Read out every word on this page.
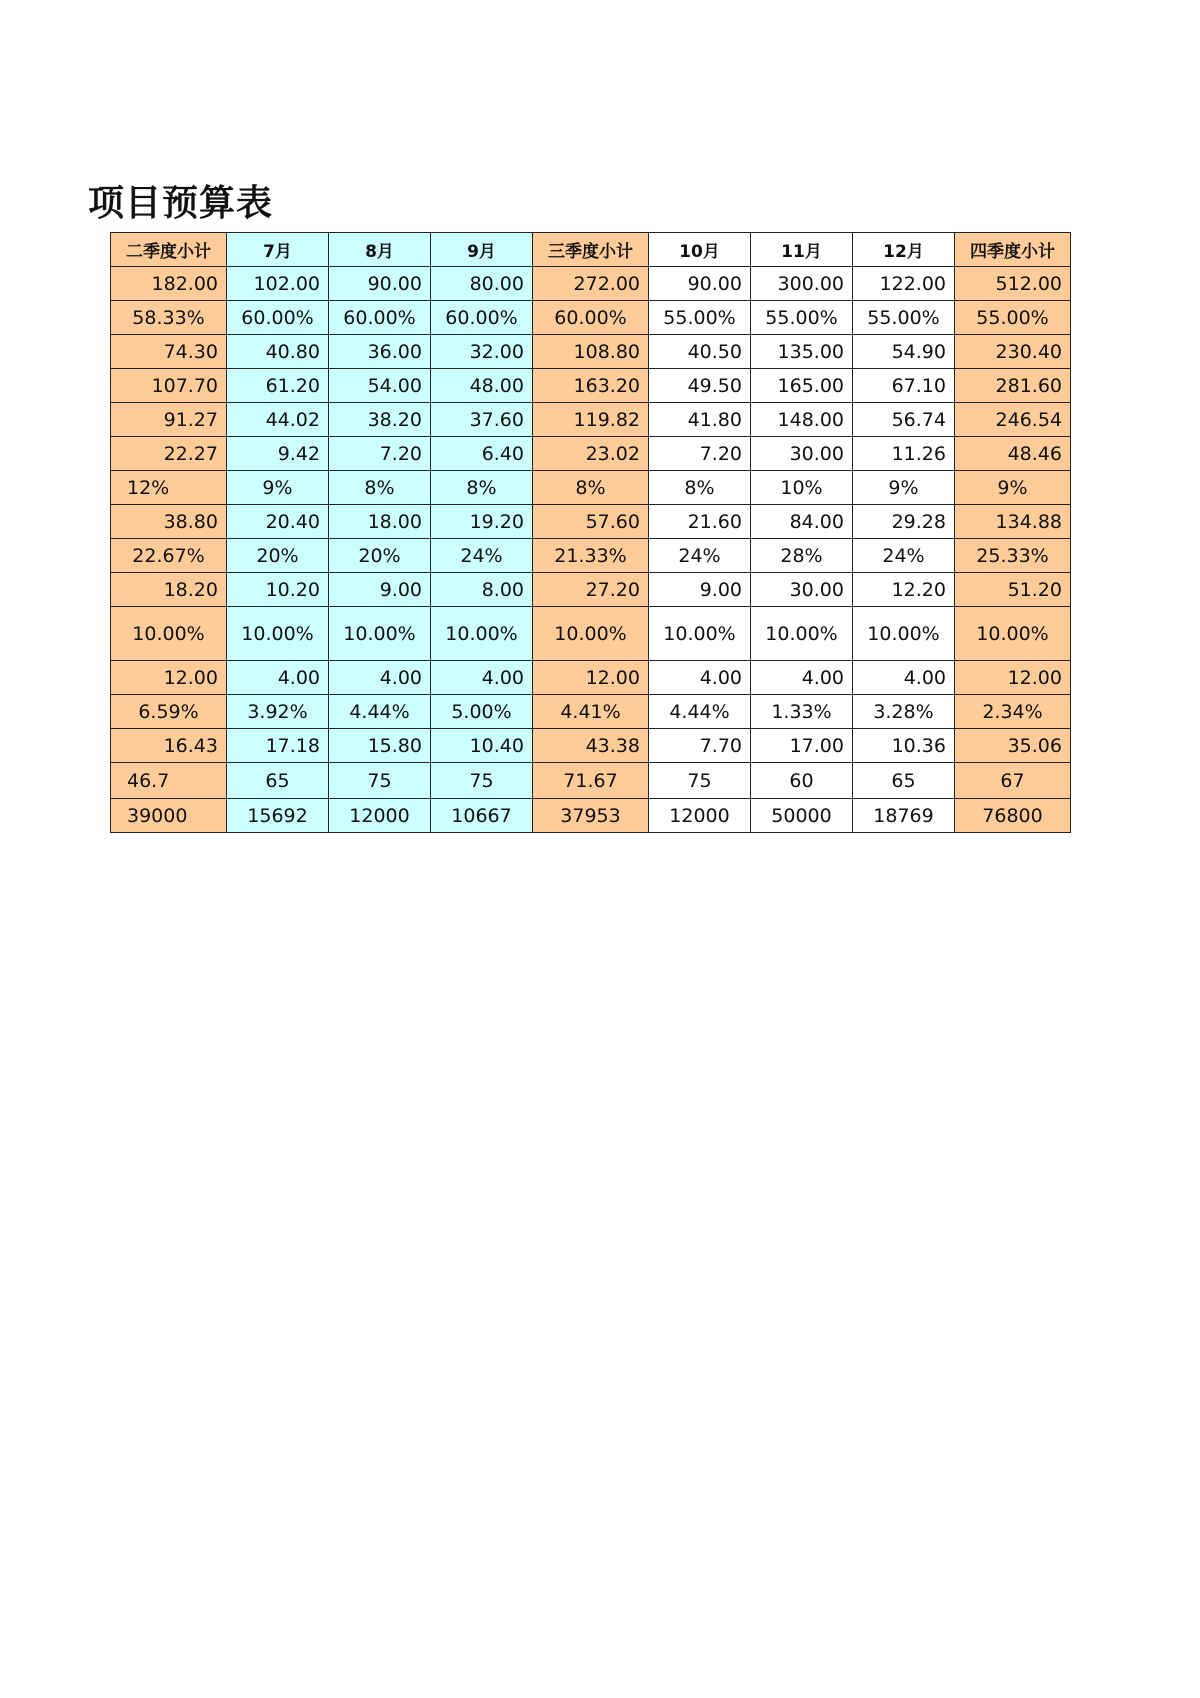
项目预算表
二季度小计	7月	8月	9月	三季度小计	10月	11月	12月	四季度小计
182.00	102.00	90.00	80.00	272.00	90.00	300.00	122.00	512.00
58.33%	60.00%	60.00%	60.00%	60.00%	55.00%	55.00%	55.00%	55.00%
74.30	40.80	36.00	32.00	108.80	40.50	135.00	54.90	230.40
107.70	61.20	54.00	48.00	163.20	49.50	165.00	67.10	281.60
91.27	44.02	38.20	37.60	119.82	41.80	148.00	56.74	246.54
22.27	9.42	7.20	6.40	23.02	7.20	30.00	11.26	48.46
12%	9%	8%	8%	8%	8%	10%	9%	9%
38.80	20.40	18.00	19.20	57.60	21.60	84.00	29.28	134.88
22.67%	20%	20%	24%	21.33%	24%	28%	24%	25.33%
18.20	10.20	9.00	8.00	27.20	9.00	30.00	12.20	51.20
10.00%	10.00%	10.00%	10.00%	10.00%	10.00%	10.00%	10.00%	10.00%
12.00	4.00	4.00	4.00	12.00	4.00	4.00	4.00	12.00
6.59%	3.92%	4.44%	5.00%	4.41%	4.44%	1.33%	3.28%	2.34%
16.43	17.18	15.80	10.40	43.38	7.70	17.00	10.36	35.06
46.7	65	75	75	71.67	75	60	65	67
39000	15692	12000	10667	37953	12000	50000	18769	76800
